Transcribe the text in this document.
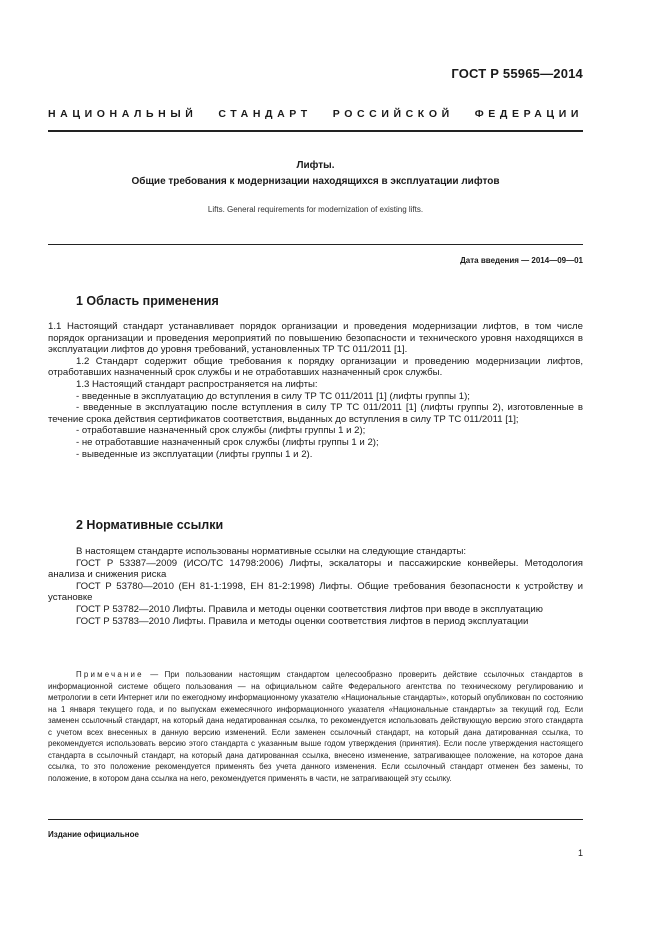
ГОСТ Р 55965—2014
НАЦИОНАЛЬНЫЙ СТАНДАРТ РОССИЙСКОЙ ФЕДЕРАЦИИ
Лифты.
Общие требования к модернизации находящихся в эксплуатации лифтов
Lifts. General requirements for modernization of existing lifts.
Дата введения — 2014—09—01
1 Область применения

1.1 Настоящий стандарт устанавливает порядок организации и проведения модернизации лифтов, в том числе порядок организации и проведения мероприятий по повышению безопасности и технического уровня находящихся в эксплуатации лифтов до уровня требований, установленных ТР ТС 011/2011 [1].

1.2 Стандарт содержит общие требования к порядку организации и проведению модернизации лифтов, отработавших назначенный срок службы и не отработавших назначенный срок службы.

1.3 Настоящий стандарт распространяется на лифты:

- введенные в эксплуатацию до вступления в силу ТР ТС 011/2011 [1] (лифты группы 1);

- введенные в эксплуатацию после вступления в силу ТР ТС 011/2011 [1] (лифты группы 2), изготовленные в течение срока действия сертификатов соответствия, выданных до вступления в силу ТР ТС 011/2011 [1];

- отработавшие назначенный срок службы (лифты группы 1 и 2);

- не отработавшие назначенный срок службы (лифты группы 1 и 2);

- выведенные из эксплуатации (лифты группы 1 и 2).

2 Нормативные ссылки

В настоящем стандарте использованы нормативные ссылки на следующие стандарты:

ГОСТ Р 53387—2009 (ИСО/ТС 14798:2006) Лифты, эскалаторы и пассажирские конвейеры. Методология анализа и снижения риска

ГОСТ Р 53780—2010 (ЕН 81-1:1998, ЕН 81-2:1998) Лифты. Общие требования безопасности к устройству и установке

ГОСТ Р 53782—2010 Лифты. Правила и методы оценки соответствия лифтов при вводе в эксплуатацию

ГОСТ Р 53783—2010 Лифты. Правила и методы оценки соответствия лифтов в период эксплуатации

Примечание — При пользовании настоящим стандартом целесообразно проверить действие ссылочных стандартов в информационной системе общего пользования — на официальном сайте Федерального агентства по техническому регулированию и метрологии в сети Интернет или по ежегодному информационному указателю «Национальные стандарты», который опубликован по состоянию на 1 января текущего года, и по выпускам ежемесячного информационного указателя «Национальные стандарты» за текущий год. Если заменен ссылочный стандарт, на который дана недатированная ссылка, то рекомендуется использовать действующую версию этого стандарта с учетом всех внесенных в данную версию изменений. Если заменен ссылочный стандарт, на который дана датированная ссылка, то рекомендуется использовать версию этого стандарта с указанным выше годом утверждения (принятия). Если после утверждения настоящего стандарта в ссылочный стандарт, на который дана датированная ссылка, внесено изменение, затрагивающее положение, на которое дана ссылка, то это положение рекомендуется применять без учета данного изменения. Если ссылочный стандарт отменен без замены, то положение, в котором дана ссылка на него, рекомендуется применять в части, не затрагивающей эту ссылку.
Издание официальное
1
